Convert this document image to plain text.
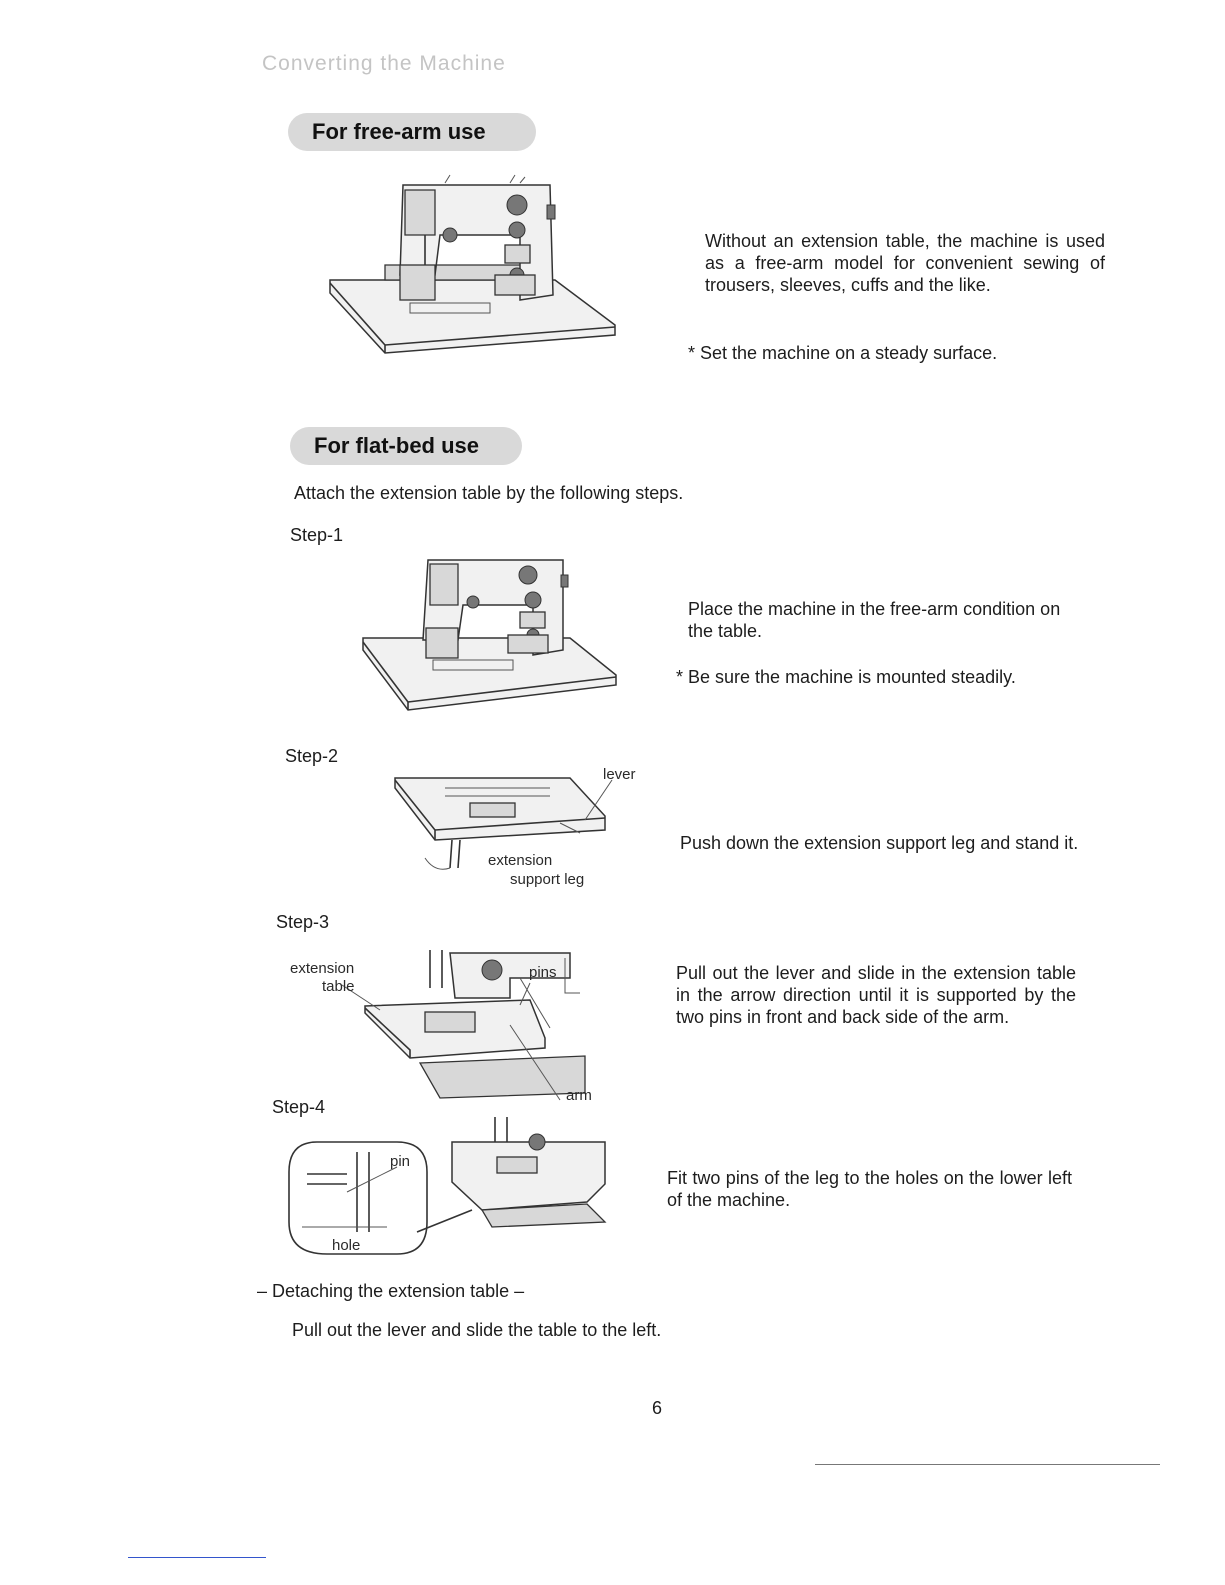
Converting the Machine
For free-arm use
Without an extension table, the machine is used as a free-arm model for convenient sewing of trousers, sleeves, cuffs and the like.
* Set the machine on a steady surface.
For flat-bed use
Attach the extension table by the following steps.
Step-1
Place the machine in the free-arm condition on the table.
* Be sure the machine is mounted steadily.
Step-2
lever
extension
support leg
Push down the extension support leg and stand it.
Step-3
extension
table
pins
arm
Pull out the lever and slide in the extension table in the arrow direction until it is supported by the two pins in front and back side of the arm.
Step-4
pin
hole
Fit two pins of the leg to the holes on the lower left of the machine.
– Detaching the extension table –
Pull out the lever and slide the table to the left.
6
